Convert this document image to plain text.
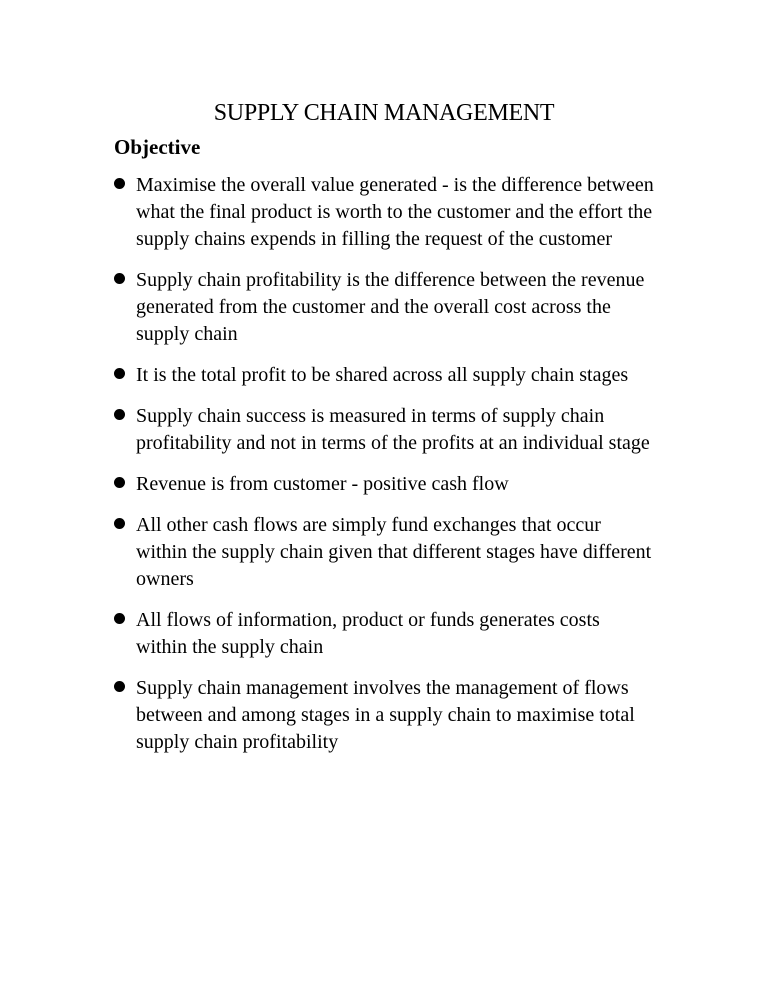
SUPPLY CHAIN MANAGEMENT
Objective
Maximise the overall value generated - is the difference between what the final product is worth to the customer and the effort the supply chains expends in filling the request of the customer
Supply chain profitability is the difference between the revenue generated from the customer and the overall cost across the supply chain
It is the total profit to be shared across all supply chain stages
Supply chain success is measured in terms of supply chain profitability and not in terms of the profits at an individual stage
Revenue is from customer - positive cash flow
All other cash flows are simply fund exchanges that occur within the supply chain given that different stages have different owners
All flows of information, product or funds generates costs within the supply chain
Supply chain management involves the management of flows between and among stages in a supply chain to maximise total supply chain profitability
